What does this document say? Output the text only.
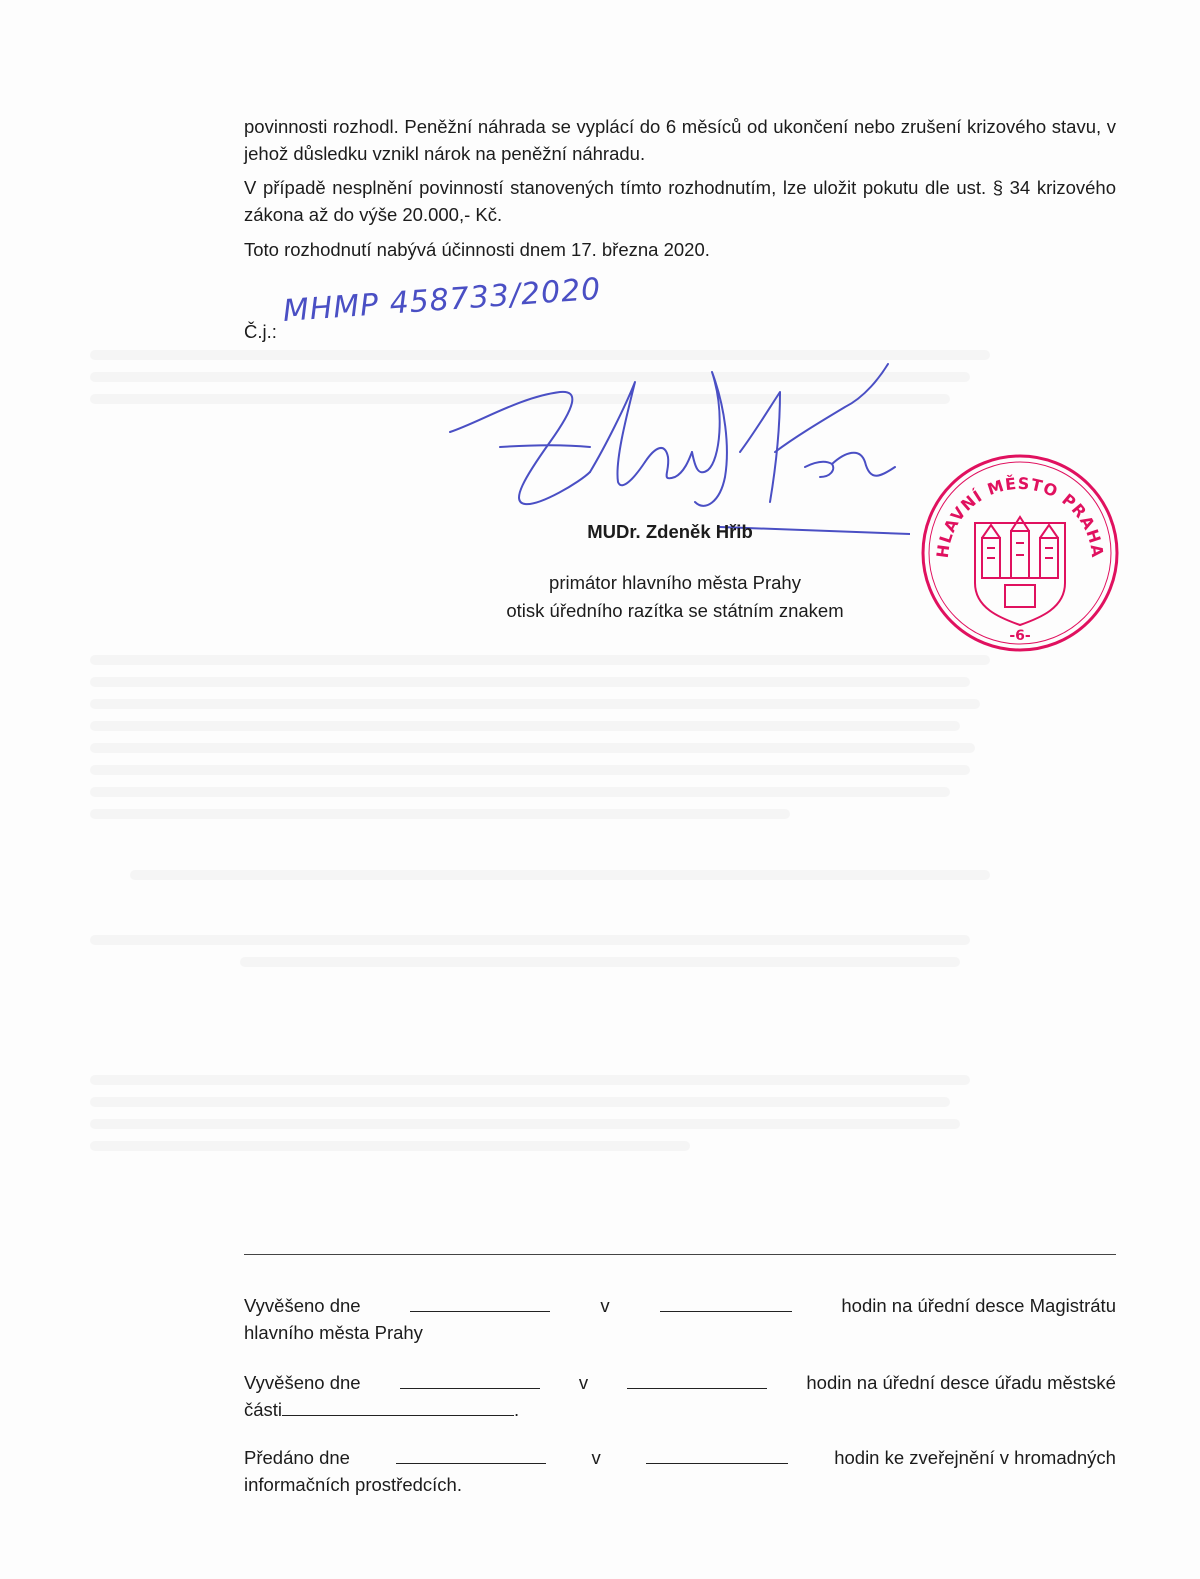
povinnosti rozhodl. Peněžní náhrada se vyplácí do 6 měsíců od ukončení nebo zrušení krizového stavu, v jehož důsledku vznikl nárok na peněžní náhradu.
V případě nesplnění povinností stanovených tímto rozhodnutím, lze uložit pokutu dle ust. § 34 krizového zákona až do výše 20.000,- Kč.
Toto rozhodnutí nabývá účinnosti dnem 17. března 2020.
Č.j.:
MHMP 458733/2020
MUDr. Zdeněk Hřib
primátor hlavního města Prahy
otisk úředního razítka se státním znakem
HLAVNÍ MĚSTO PRAHA
-6-
Vyvěšeno dne	v	hodin na úřední desce Magistrátu
hlavního města Prahy
Vyvěšeno dne	v	hodin na úřední desce úřadu městské
části	.
Předáno dne	v	hodin ke zveřejnění v hromadných
informačních prostředcích.
